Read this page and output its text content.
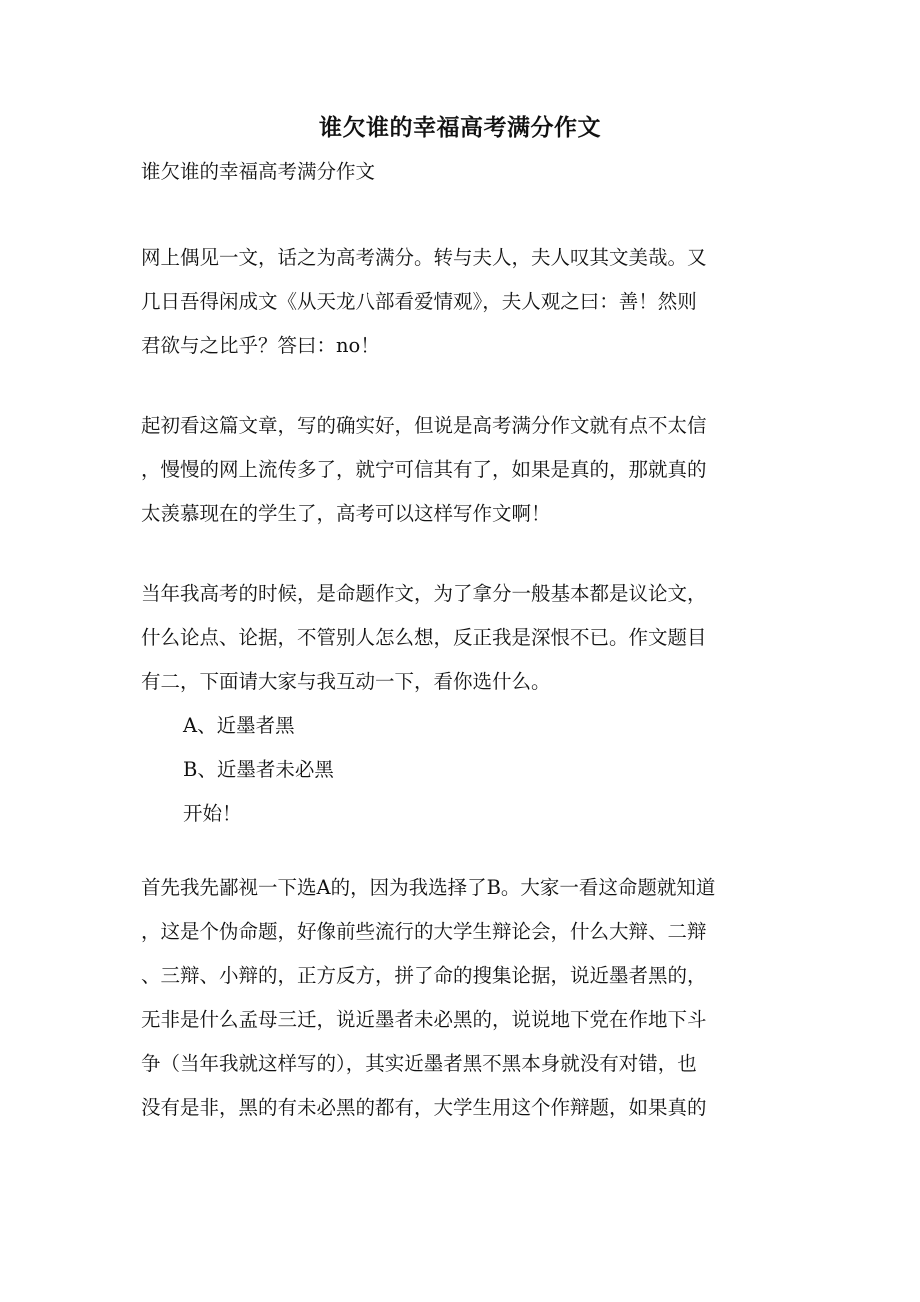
谁欠谁的幸福高考满分作文
谁欠谁的幸福高考满分作文
网上偶见一文，话之为高考满分。转与夫人，夫人叹其文美哉。又
几日吾得闲成文《从天龙八部看爱情观》，夫人观之曰：善！然则
君欲与之比乎？答曰：no！
起初看这篇文章，写的确实好，但说是高考满分作文就有点不太信
，慢慢的网上流传多了，就宁可信其有了，如果是真的，那就真的
太羡慕现在的学生了，高考可以这样写作文啊！
当年我高考的时候，是命题作文，为了拿分一般基本都是议论文，
什么论点、论据，不管别人怎么想，反正我是深恨不已。作文题目
有二，下面请大家与我互动一下，看你选什么。
A、近墨者黑
B、近墨者未必黑
开始！
首先我先鄙视一下选A的，因为我选择了B。大家一看这命题就知道
，这是个伪命题，好像前些流行的大学生辩论会，什么大辩、二辩
、三辩、小辩的，正方反方，拼了命的搜集论据，说近墨者黑的，
无非是什么孟母三迁，说近墨者未必黑的，说说地下党在作地下斗
争（当年我就这样写的），其实近墨者黑不黑本身就没有对错，也
没有是非，黑的有未必黑的都有，大学生用这个作辩题，如果真的
